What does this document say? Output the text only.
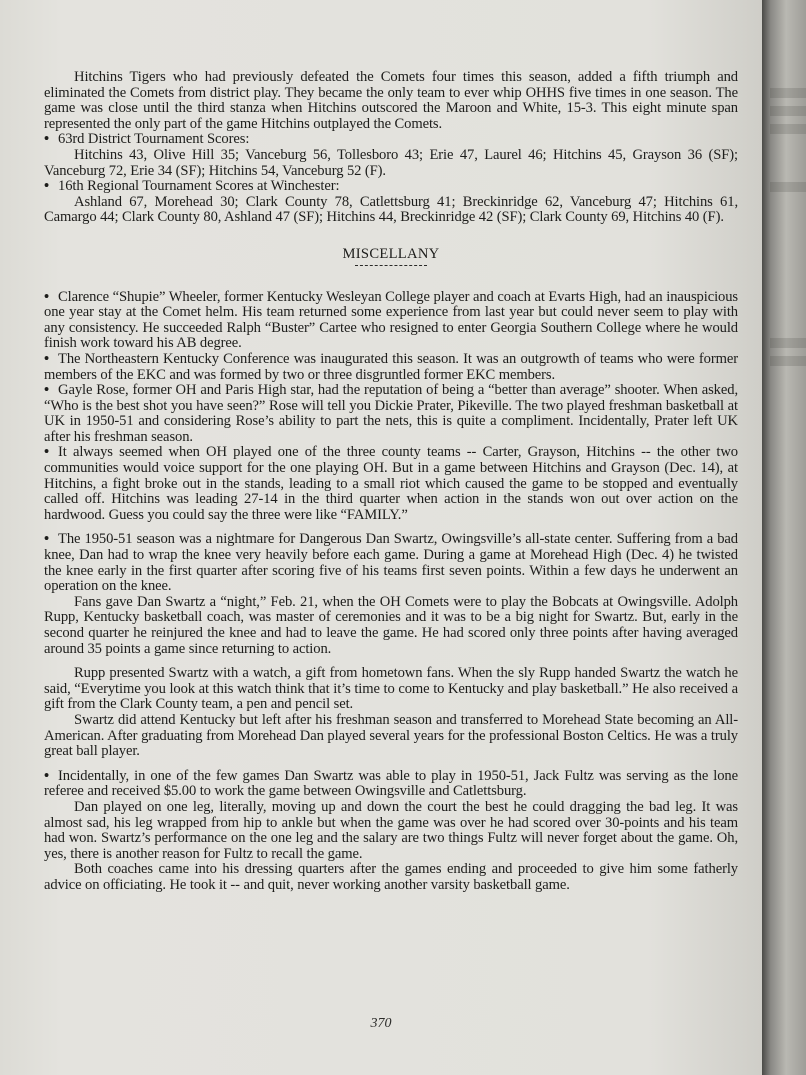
Hitchins Tigers who had previously defeated the Comets four times this season, added a fifth triumph and eliminated the Comets from district play. They became the only team to ever whip OHHS five times in one season. The game was close until the third stanza when Hitchins outscored the Maroon and White, 15-3. This eight minute span represented the only part of the game Hitchins outplayed the Comets.

• 63rd District Tournament Scores:

Hitchins 43, Olive Hill 35; Vanceburg 56, Tollesboro 43; Erie 47, Laurel 46; Hitchins 45, Grayson 36 (SF); Vanceburg 72, Erie 34 (SF); Hitchins 54, Vanceburg 52 (F).

• 16th Regional Tournament Scores at Winchester:

Ashland 67, Morehead 30; Clark County 78, Catlettsburg 41; Breckinridge 62, Vanceburg 47; Hitchins 61, Camargo 44; Clark County 80, Ashland 47 (SF); Hitchins 44, Breckinridge 42 (SF); Clark County 69, Hitchins 40 (F).

MISCELLANY

• Clarence “Shupie” Wheeler, former Kentucky Wesleyan College player and coach at Evarts High, had an inauspicious one year stay at the Comet helm. His team returned some experience from last year but could never seem to play with any consistency. He succeeded Ralph “Buster” Cartee who resigned to enter Georgia Southern College where he would finish work toward his AB degree.

• The Northeastern Kentucky Conference was inaugurated this season. It was an outgrowth of teams who were former members of the EKC and was formed by two or three disgruntled former EKC members.

• Gayle Rose, former OH and Paris High star, had the reputation of being a “better than average” shooter. When asked, “Who is the best shot you have seen?” Rose will tell you Dickie Prater, Pikeville. The two played freshman basketball at UK in 1950-51 and considering Rose’s ability to part the nets, this is quite a compliment. Incidentally, Prater left UK after his freshman season.

• It always seemed when OH played one of the three county teams -- Carter, Grayson, Hitchins -- the other two communities would voice support for the one playing OH. But in a game between Hitchins and Grayson (Dec. 14), at Hitchins, a fight broke out in the stands, leading to a small riot which caused the game to be stopped and eventually called off. Hitchins was leading 27-14 in the third quarter when action in the stands won out over action on the hardwood. Guess you could say the three were like “FAMILY.”

• The 1950-51 season was a nightmare for Dangerous Dan Swartz, Owingsville’s all-state center. Suffering from a bad knee, Dan had to wrap the knee very heavily before each game. During a game at Morehead High (Dec. 4) he twisted the knee early in the first quarter after scoring five of his teams first seven points. Within a few days he underwent an operation on the knee.

Fans gave Dan Swartz a “night,” Feb. 21, when the OH Comets were to play the Bobcats at Owingsville. Adolph Rupp, Kentucky basketball coach, was master of ceremonies and it was to be a big night for Swartz. But, early in the second quarter he reinjured the knee and had to leave the game. He had scored only three points after having averaged around 35 points a game since returning to action.

Rupp presented Swartz with a watch, a gift from hometown fans. When the sly Rupp handed Swartz the watch he said, “Everytime you look at this watch think that it’s time to come to Kentucky and play basketball.” He also received a gift from the Clark County team, a pen and pencil set.

Swartz did attend Kentucky but left after his freshman season and transferred to Morehead State becoming an All-American. After graduating from Morehead Dan played several years for the professional Boston Celtics. He was a truly great ball player.

• Incidentally, in one of the few games Dan Swartz was able to play in 1950-51, Jack Fultz was serving as the lone referee and received $5.00 to work the game between Owingsville and Catlettsburg.

Dan played on one leg, literally, moving up and down the court the best he could dragging the bad leg. It was almost sad, his leg wrapped from hip to ankle but when the game was over he had scored over 30-points and his team had won. Swartz’s performance on the one leg and the salary are two things Fultz will never forget about the game. Oh, yes, there is another reason for Fultz to recall the game.

Both coaches came into his dressing quarters after the games ending and proceeded to give him some fatherly advice on officiating. He took it -- and quit, never working another varsity basketball game.

370
